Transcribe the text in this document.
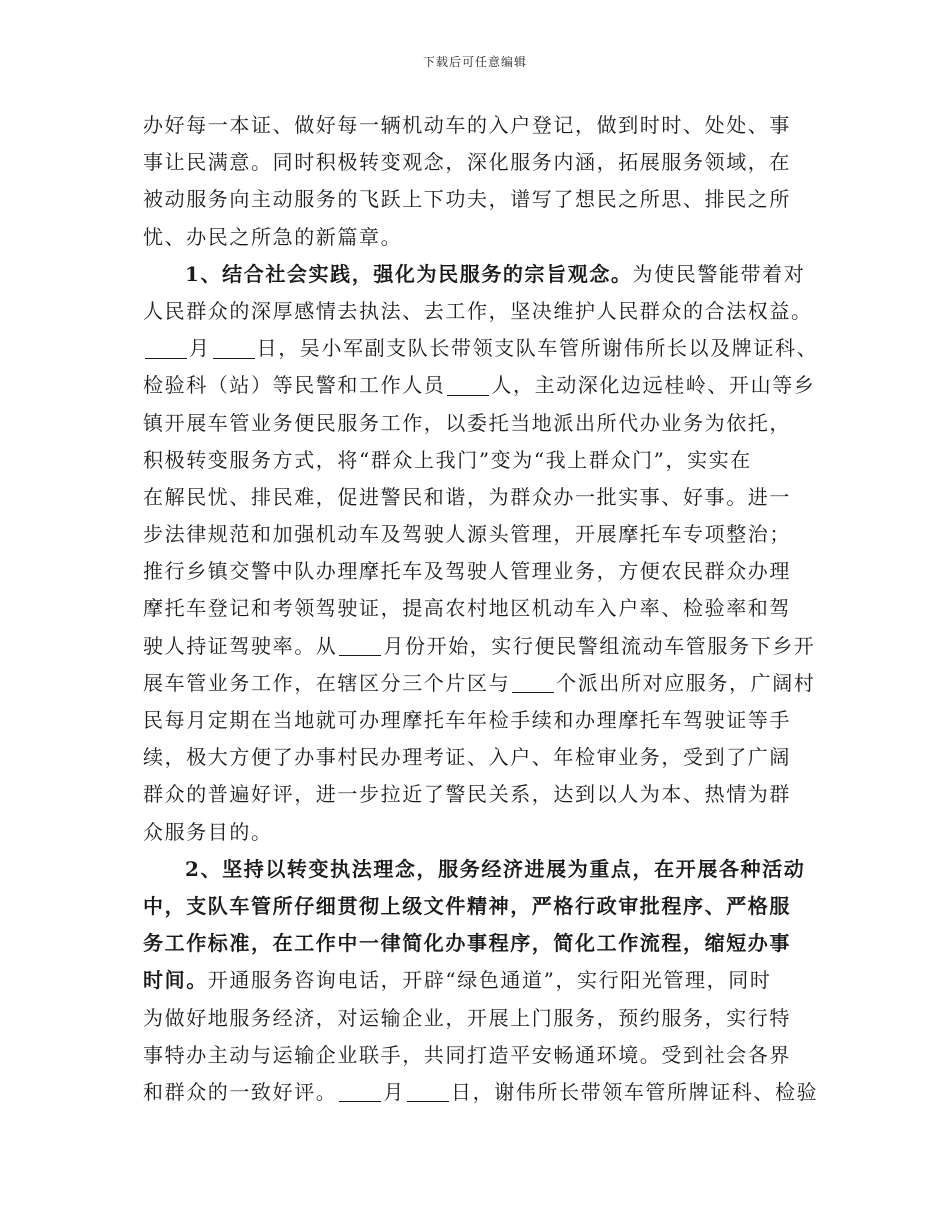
下载后可任意编辑
办好每一本证、做好每一辆机动车的入户登记，做到时时、处处、事
事让民满意。同时积极转变观念，深化服务内涵，拓展服务领域，在
被动服务向主动服务的飞跃上下功夫，谱写了想民之所思、排民之所
忧、办民之所急的新篇章。
1、结合社会实践，强化为民服务的宗旨观念。为使民警能带着对
人民群众的深厚感情去执法、去工作，坚决维护人民群众的合法权益。
月 日，吴小军副支队长带领支队车管所谢伟所长以及牌证科、
检验科（站）等民警和工作人员 人，主动深化边远桂岭、开山等乡
镇开展车管业务便民服务工作，以委托当地派出所代办业务为依托，
积极转变服务方式，将“群众上我门”变为“我上群众门”，实实在
在解民忧、排民难，促进警民和谐，为群众办一批实事、好事。进一
步法律规范和加强机动车及驾驶人源头管理，开展摩托车专项整治；
推行乡镇交警中队办理摩托车及驾驶人管理业务，方便农民群众办理
摩托车登记和考领驾驶证，提高农村地区机动车入户率、检验率和驾
驶人持证驾驶率。从 月份开始，实行便民警组流动车管服务下乡开
展车管业务工作，在辖区分三个片区与 个派出所对应服务，广阔村
民每月定期在当地就可办理摩托车年检手续和办理摩托车驾驶证等手
续，极大方便了办事村民办理考证、入户、年检审业务，受到了广阔
群众的普遍好评，进一步拉近了警民关系，达到以人为本、热情为群
众服务目的。
2、坚持以转变执法理念，服务经济进展为重点，在开展各种活动
中，支队车管所仔细贯彻上级文件精神，严格行政审批程序、严格服
务工作标准，在工作中一律简化办事程序，简化工作流程，缩短办事
时间。开通服务咨询电话，开辟“绿色通道”，实行阳光管理，同时
为做好地服务经济，对运输企业，开展上门服务，预约服务，实行特
事特办主动与运输企业联手，共同打造平安畅通环境。受到社会各界
和群众的一致好评。 月 日，谢伟所长带领车管所牌证科、检验
